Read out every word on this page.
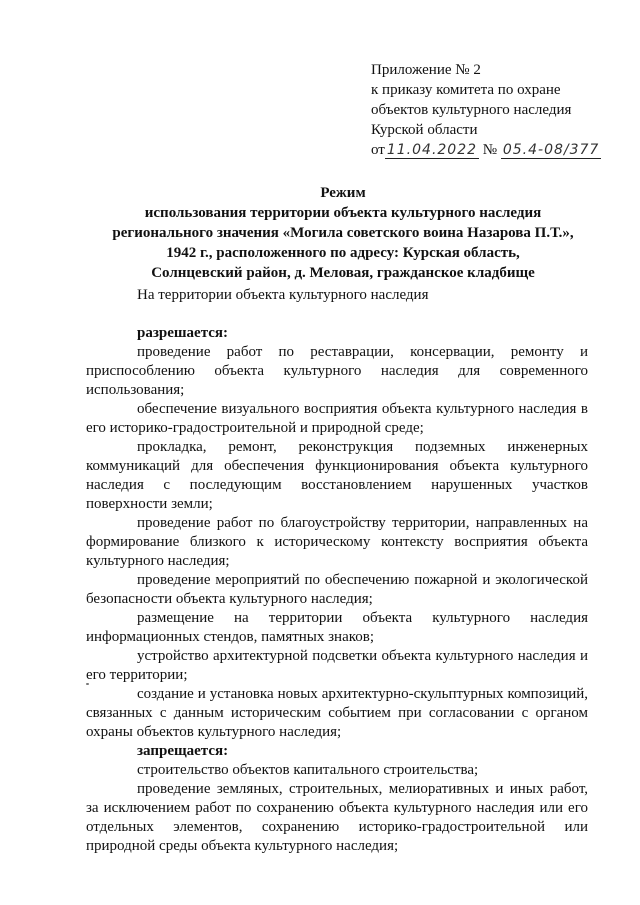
Приложение № 2
к приказу комитета по охране
объектов культурного наследия
Курской области
от 11.04.2022 № 05.4-08/377
Режим
использования территории объекта культурного наследия
регионального значения «Могила советского воина Назарова П.Т.»,
1942 г., расположенного по адресу: Курская область,
Солнцевский район, д. Меловая, гражданское кладбище

На территории объекта культурного наследия

разрешается:

проведение работ по реставрации, консервации, ремонту и приспособлению объекта культурного наследия для современного использования;

обеспечение визуального восприятия объекта культурного наследия в его историко-градостроительной и природной среде;

прокладка, ремонт, реконструкция подземных инженерных коммуникаций для обеспечения функционирования объекта культурного наследия с последующим восстановлением нарушенных участков поверхности земли;

проведение работ по благоустройству территории, направленных на формирование близкого к историческому контексту восприятия объекта культурного наследия;

проведение мероприятий по обеспечению пожарной и экологической безопасности объекта культурного наследия;

размещение на территории объекта культурного наследия информационных стендов, памятных знаков;

устройство архитектурной подсветки объекта культурного наследия и его территории;

создание и установка новых архитектурно-скульптурных композиций, связанных с данным историческим событием при согласовании с органом охраны объектов культурного наследия;

запрещается:

строительство объектов капитального строительства;

проведение земляных, строительных, мелиоративных и иных работ, за исключением работ по сохранению объекта культурного наследия или его отдельных элементов, сохранению историко-градостроительной или природной среды объекта культурного наследия;
